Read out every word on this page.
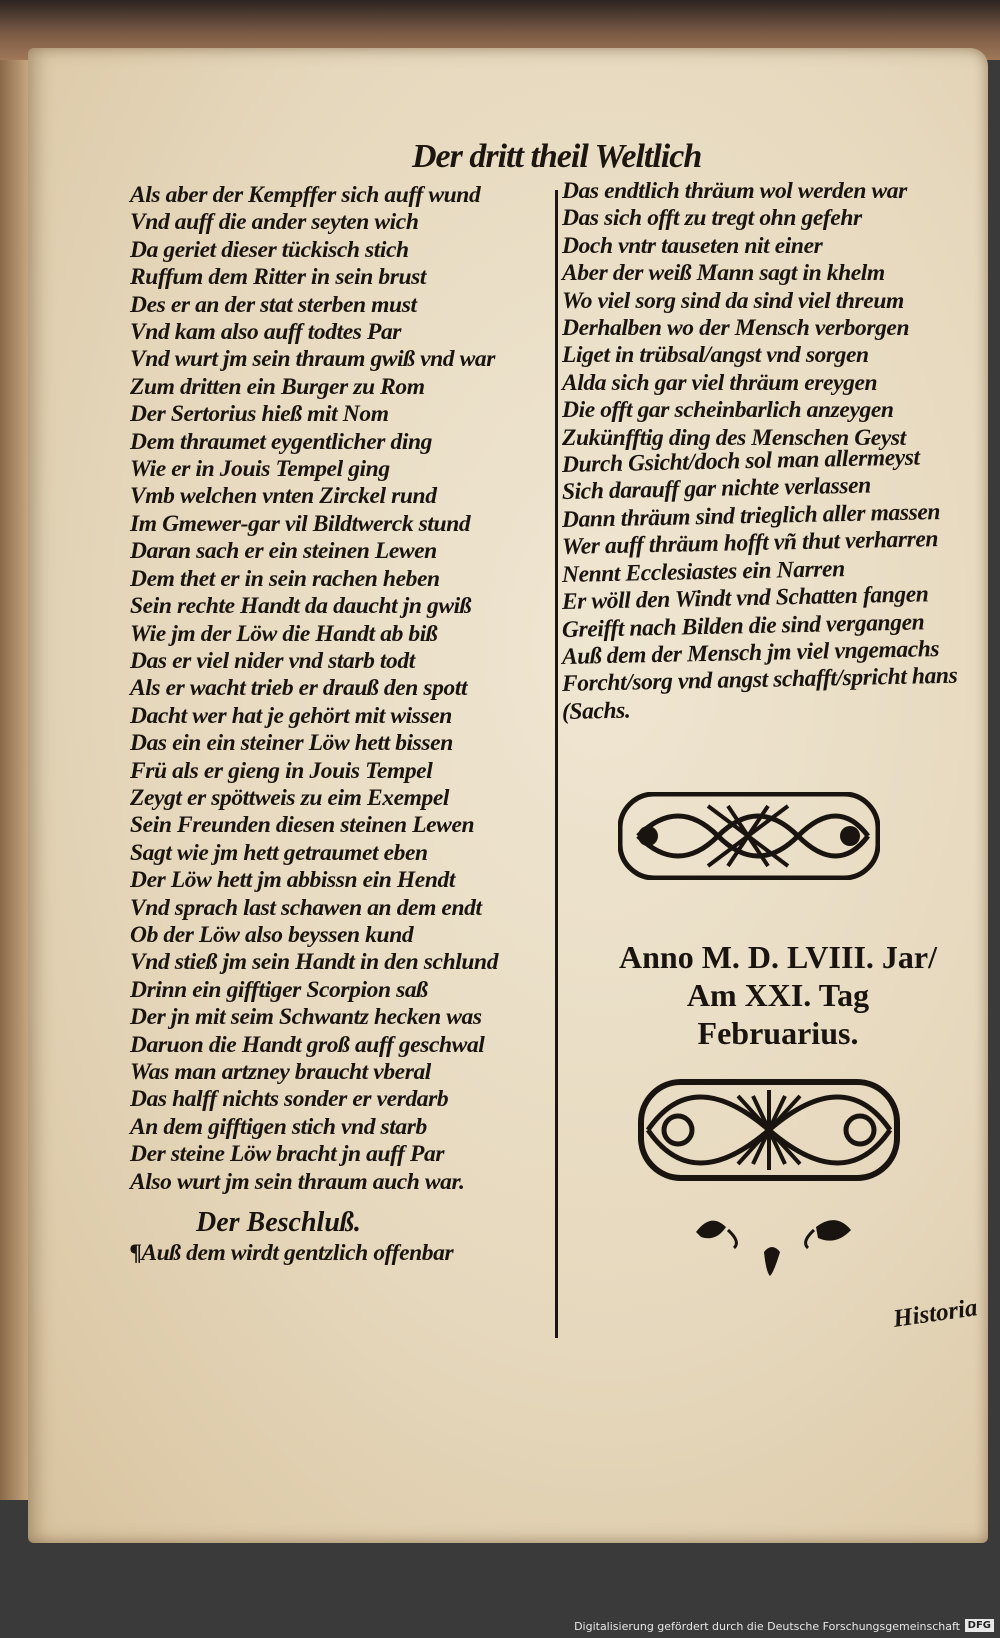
Der dritt theil Weltlich
Als aber der Kempffer sich auff wund
Vnd auff die ander seyten wich
Da geriet dieser tückisch stich
Ruffum dem Ritter in sein brust
Des er an der stat sterben must
Vnd kam also auff todtes Par
Vnd wurt jm sein thraum gwiß vnd war
Zum dritten ein Burger zu Rom
Der Sertorius hieß mit Nom
Dem thraumet eygentlicher ding
Wie er in Jouis Tempel ging
Vmb welchen vnten Zirckel rund
Im Gmewer-gar vil Bildtwerck stund
Daran sach er ein steinen Lewen
Dem thet er in sein rachen heben
Sein rechte Handt da daucht jn gwiß
Wie jm der Löw die Handt ab biß
Das er viel nider vnd starb todt
Als er wacht trieb er drauß den spott
Dacht wer hat je gehört mit wissen
Das ein ein steiner Löw hett bissen
Frü als er gieng in Jouis Tempel
Zeygt er spöttweis zu eim Exempel
Sein Freunden diesen steinen Lewen
Sagt wie jm hett getraumet eben
Der Löw hett jm abbissn ein Hendt
Vnd sprach last schawen an dem endt
Ob der Löw also beyssen kund
Vnd stieß jm sein Handt in den schlund
Drinn ein gifftiger Scorpion saß
Der jn mit seim Schwantz hecken was
Daruon die Handt groß auff geschwal
Was man artzney braucht vberal
Das halff nichts sonder er verdarb
An dem gifftigen stich vnd starb
Der steine Löw bracht jn auff Par
Also wurt jm sein thraum auch war.
Der Beschluß.
¶Auß dem wirdt gentzlich offenbar
Das endtlich thräum wol werden war
Das sich offt zu tregt ohn gefehr
Doch vntr tauseten nit einer
Aber der weiß Mann sagt in khelm
Wo viel sorg sind da sind viel threum
Derhalben wo der Mensch verborgen
Liget in trübsal/angst vnd sorgen
Alda sich gar viel thräum ereygen
Die offt gar scheinbarlich anzeygen
Zukünfftig ding des Menschen Geyst
Durch Gsicht/doch sol man allermeyst
Sich darauff gar nichte verlassen
Dann thräum sind trieglich aller massen
Wer auff thräum hofft vñ thut verharren
Nennt Ecclesiastes ein Narren
Er wöll den Windt vnd Schatten fangen
Greifft nach Bilden die sind vergangen
Auß dem der Mensch jm viel vngemachs
Forcht/sorg vnd angst schafft/spricht hans
(Sachs.
Anno M. D. LVIII. Jar/
Am XXI. Tag
Februarius.
Historia
Digitalisierung gefördert durch die Deutsche Forschungsgemeinschaft DFG
